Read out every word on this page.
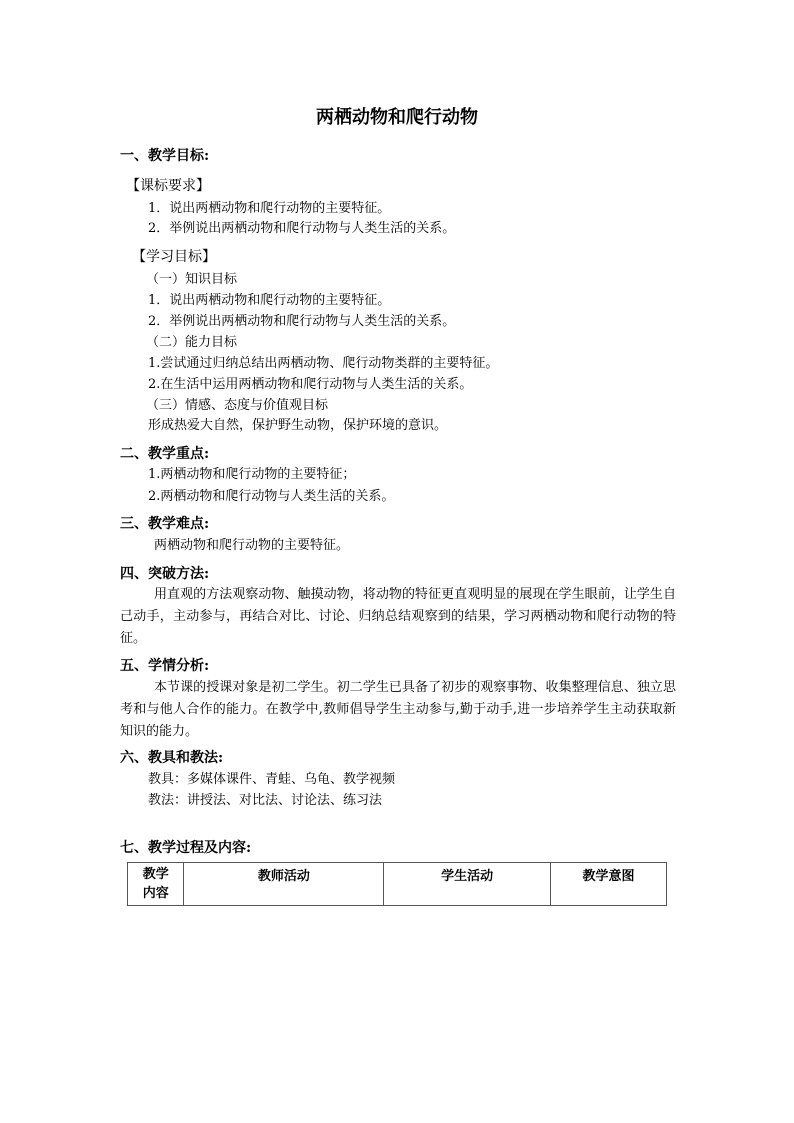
两栖动物和爬行动物
一、教学目标:
【课标要求】
1．说出两栖动物和爬行动物的主要特征。
2．举例说出两栖动物和爬行动物与人类生活的关系。
【学习目标】
（一）知识目标
1．说出两栖动物和爬行动物的主要特征。
2．举例说出两栖动物和爬行动物与人类生活的关系。
（二）能力目标
1.尝试通过归纳总结出两栖动物、爬行动物类群的主要特征。
2.在生活中运用两栖动物和爬行动物与人类生活的关系。
（三）情感、态度与价值观目标
形成热爱大自然，保护野生动物，保护环境的意识。
二、教学重点:
1.两栖动物和爬行动物的主要特征；
2.两栖动物和爬行动物与人类生活的关系。
三、教学难点:
两栖动物和爬行动物的主要特征。
四、突破方法:
用直观的方法观察动物、触摸动物，将动物的特征更直观明显的展现在学生眼前，让学生自己动手，主动参与，再结合对比、讨论、归纳总结观察到的结果，学习两栖动物和爬行动物的特征。
五、学情分析:
本节课的授课对象是初二学生。初二学生已具备了初步的观察事物、收集整理信息、独立思考和与他人合作的能力。在教学中,教师倡导学生主动参与,勤于动手,进一步培养学生主动获取新知识的能力。
六、教具和教法:
教具：多媒体课件、青蛙、乌龟、教学视频
教法：讲授法、对比法、讨论法、练习法
七、教学过程及内容:
教学内容	教师活动	学生活动	教学意图
